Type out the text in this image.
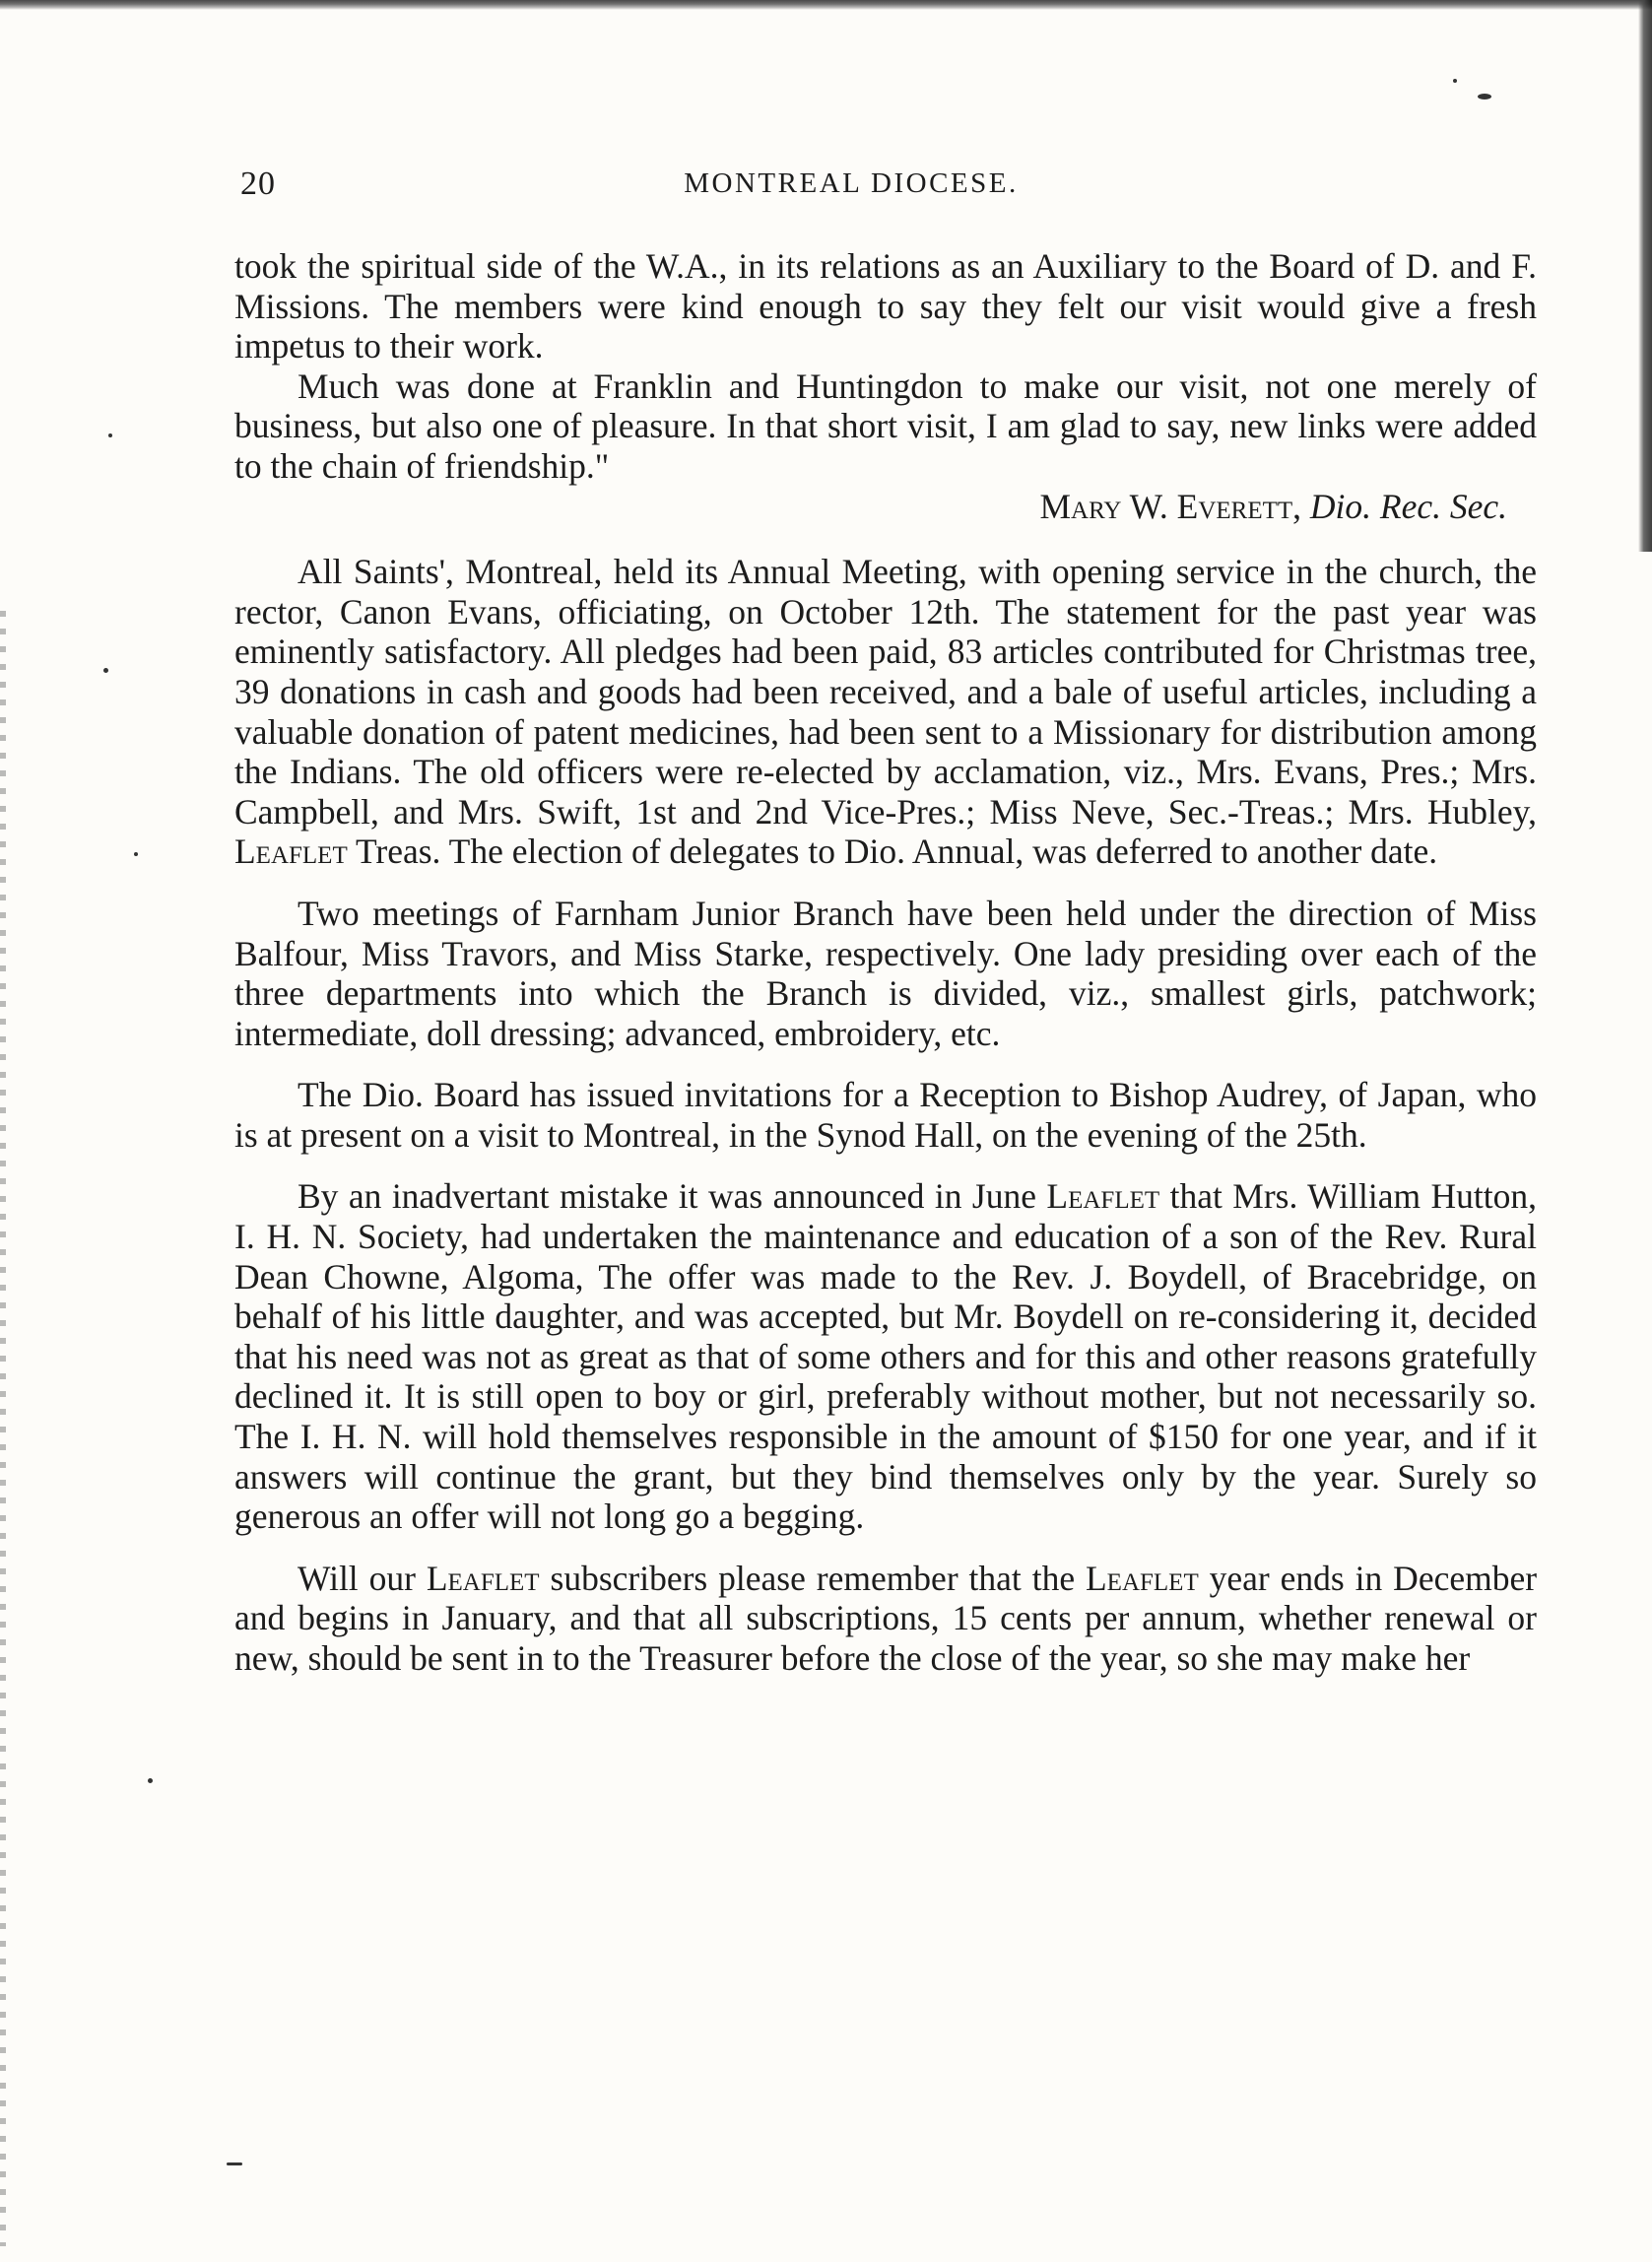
20	MONTREAL DIOCESE.

took the spiritual side of the W.A., in its relations as an Auxiliary to the Board of D. and F. Missions. The members were kind enough to say they felt our visit would give a fresh impetus to their work.

Much was done at Franklin and Huntingdon to make our visit, not one merely of business, but also one of pleasure. In that short visit, I am glad to say, new links were added to the chain of friendship."

Mary W. Everett, Dio. Rec. Sec.

All Saints', Montreal, held its Annual Meeting, with opening service in the church, the rector, Canon Evans, officiating, on October 12th. The statement for the past year was eminently satisfactory. All pledges had been paid, 83 articles contributed for Christmas tree, 39 donations in cash and goods had been received, and a bale of useful articles, including a valuable donation of patent medicines, had been sent to a Missionary for distribution among the Indians. The old officers were re-elected by acclamation, viz., Mrs. Evans, Pres.; Mrs. Campbell, and Mrs. Swift, 1st and 2nd Vice-Pres.; Miss Neve, Sec.-Treas.; Mrs. Hubley, Leaflet Treas. The election of delegates to Dio. Annual, was deferred to another date.

Two meetings of Farnham Junior Branch have been held under the direction of Miss Balfour, Miss Travors, and Miss Starke, respectively. One lady presiding over each of the three departments into which the Branch is divided, viz., smallest girls, patchwork; intermediate, doll dressing; advanced, embroidery, etc.

The Dio. Board has issued invitations for a Reception to Bishop Audrey, of Japan, who is at present on a visit to Montreal, in the Synod Hall, on the evening of the 25th.

By an inadvertant mistake it was announced in June Leaflet that Mrs. William Hutton, I. H. N. Society, had undertaken the maintenance and education of a son of the Rev. Rural Dean Chowne, Algoma, The offer was made to the Rev. J. Boydell, of Bracebridge, on behalf of his little daughter, and was accepted, but Mr. Boydell on re-considering it, decided that his need was not as great as that of some others and for this and other reasons gratefully declined it. It is still open to boy or girl, preferably without mother, but not necessarily so. The I. H. N. will hold themselves responsible in the amount of $150 for one year, and if it answers will continue the grant, but they bind themselves only by the year. Surely so generous an offer will not long go a begging.

Will our Leaflet subscribers please remember that the Leaflet year ends in December and begins in January, and that all subscriptions, 15 cents per annum, whether renewal or new, should be sent in to the Treasurer before the close of the year, so she may make her
